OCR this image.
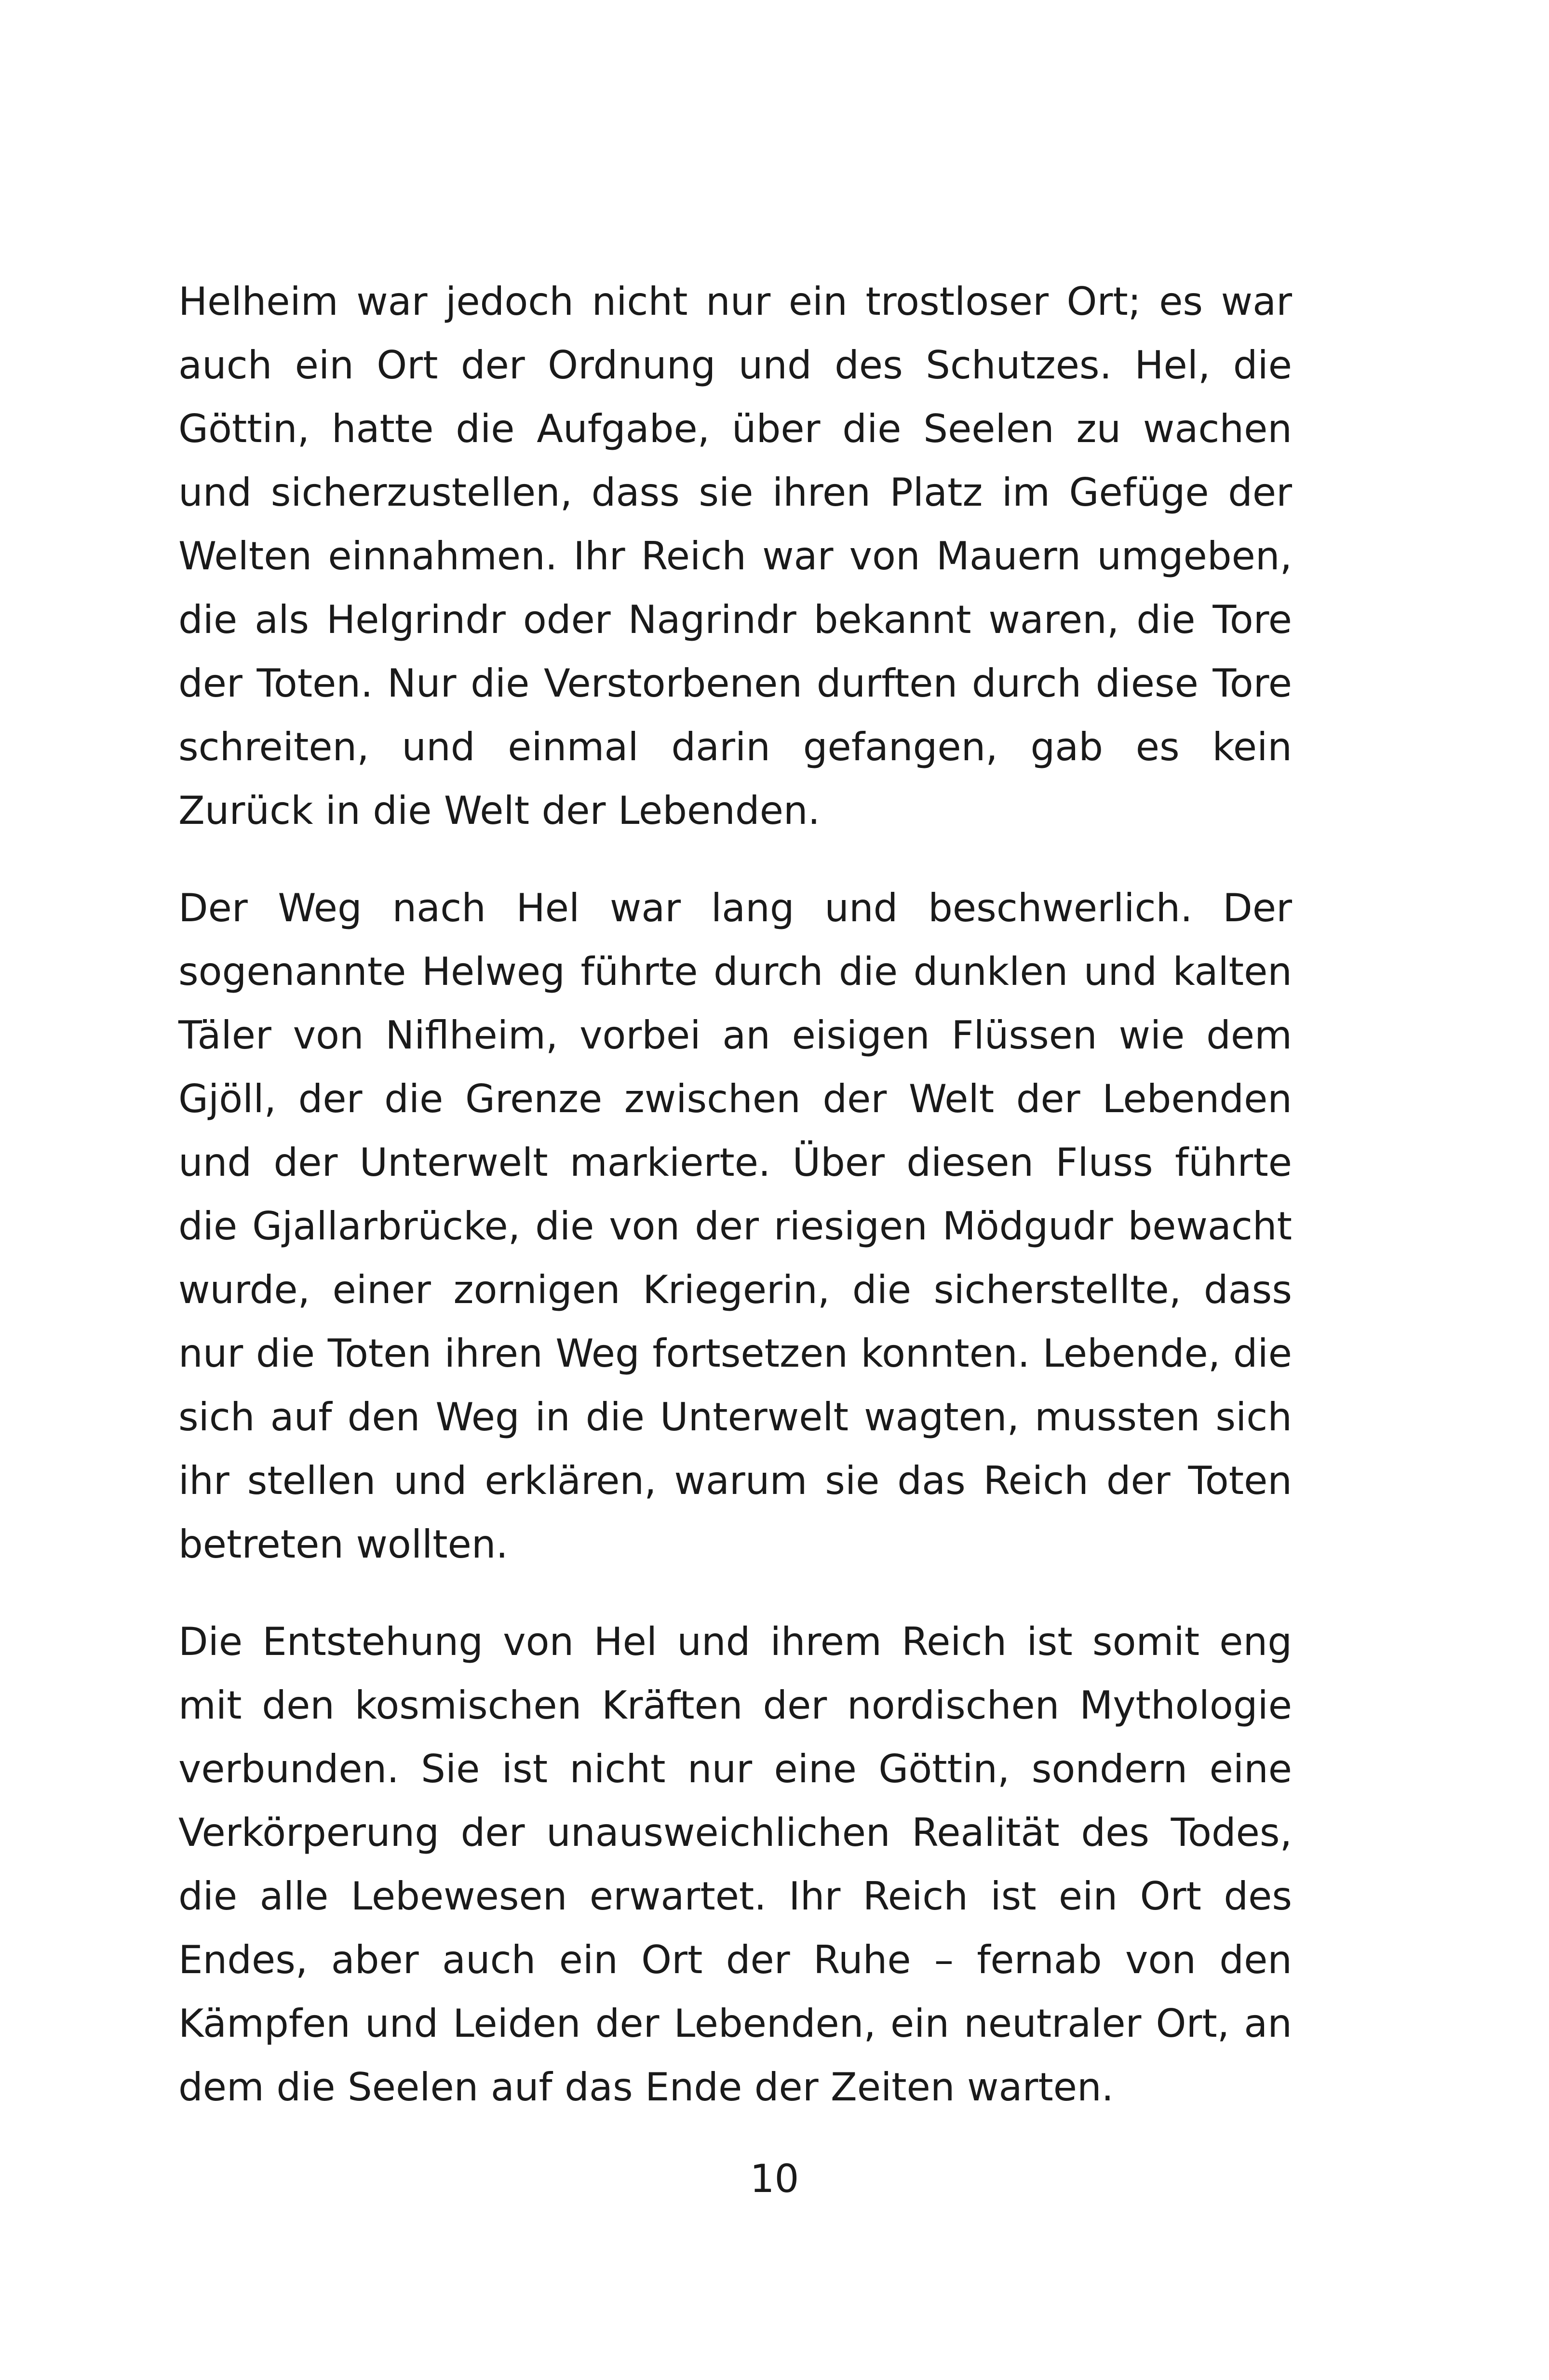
Helheim war jedoch nicht nur ein trostloser Ort; es war auch ein Ort der Ordnung und des Schutzes. Hel, die Göttin, hatte die Aufgabe, über die Seelen zu wachen und sicherzustellen, dass sie ihren Platz im Gefüge der Welten einnahmen. Ihr Reich war von Mauern umgeben, die als Helgrindr oder Nagrindr bekannt waren, die Tore der Toten. Nur die Verstorbenen durften durch diese Tore schreiten, und einmal darin gefangen, gab es kein Zurück in die Welt der Lebenden.

Der Weg nach Hel war lang und beschwerlich. Der sogenannte Helweg führte durch die dunklen und kalten Täler von Niflheim, vorbei an eisigen Flüssen wie dem Gjöll, der die Grenze zwischen der Welt der Lebenden und der Unterwelt markierte. Über diesen Fluss führte die Gjallarbrücke, die von der riesigen Mödgudr bewacht wurde, einer zornigen Kriegerin, die sicherstellte, dass nur die Toten ihren Weg fortsetzen konnten. Lebende, die sich auf den Weg in die Unterwelt wagten, mussten sich ihr stellen und erklären, warum sie das Reich der Toten betreten wollten.

Die Entstehung von Hel und ihrem Reich ist somit eng mit den kosmischen Kräften der nordischen Mythologie verbunden. Sie ist nicht nur eine Göttin, sondern eine Verkörperung der unausweichlichen Realität des Todes, die alle Lebewesen erwartet. Ihr Reich ist ein Ort des Endes, aber auch ein Ort der Ruhe – fernab von den Kämpfen und Leiden der Lebenden, ein neutraler Ort, an dem die Seelen auf das Ende der Zeiten warten.

10
